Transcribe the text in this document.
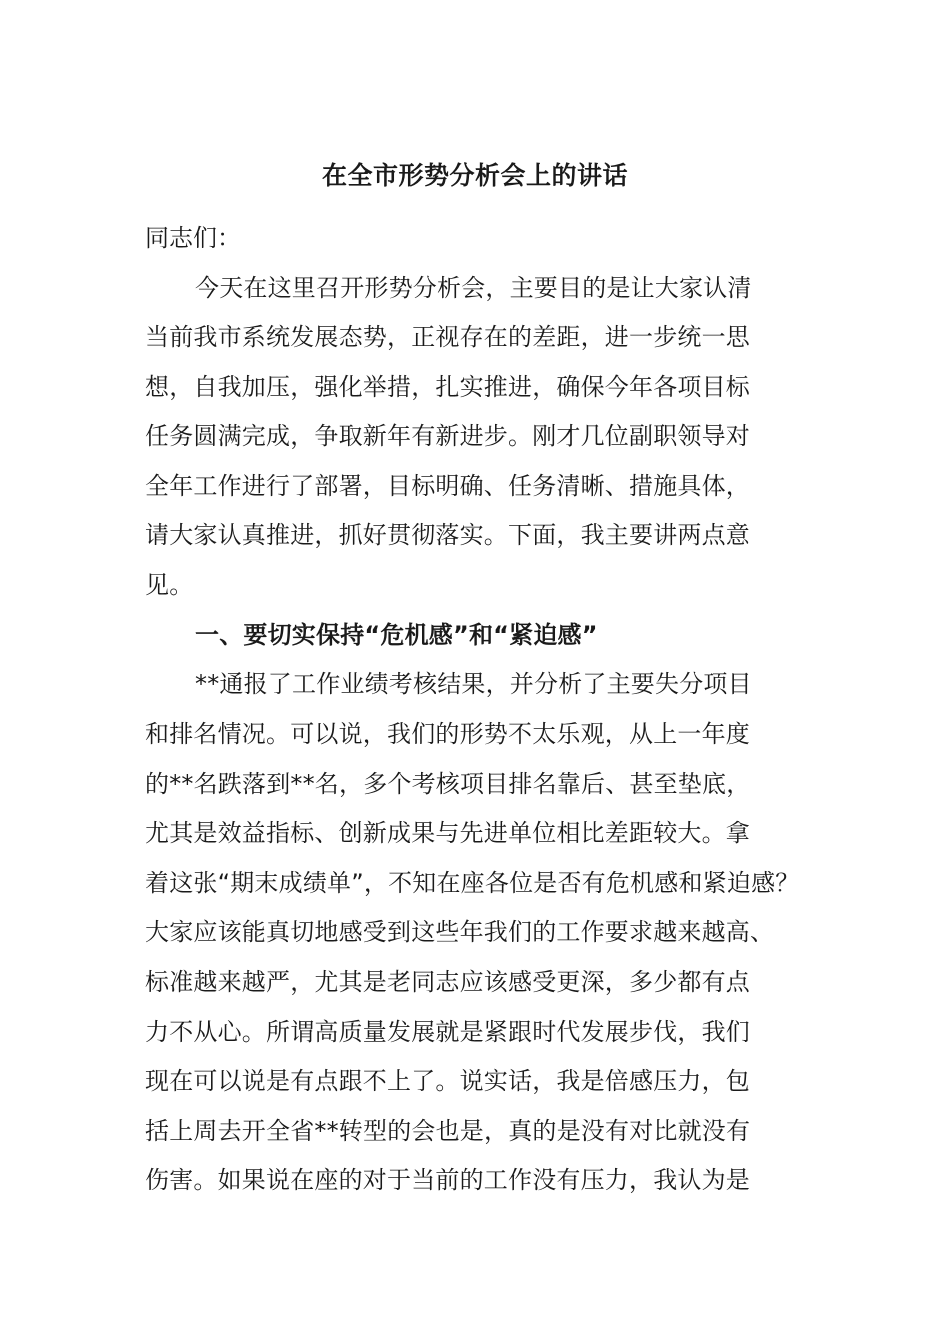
在全市形势分析会上的讲话
同志们：
今天在这里召开形势分析会，主要目的是让大家认清
当前我市系统发展态势，正视存在的差距，进一步统一思
想，自我加压，强化举措，扎实推进，确保今年各项目标
任务圆满完成，争取新年有新进步。刚才几位副职领导对
全年工作进行了部署，目标明确、任务清晰、措施具体，
请大家认真推进，抓好贯彻落实。下面，我主要讲两点意
见。
一、要切实保持“危机感”和“紧迫感”
**通报了工作业绩考核结果，并分析了主要失分项目
和排名情况。可以说，我们的形势不太乐观，从上一年度
的**名跌落到**名，多个考核项目排名靠后、甚至垫底，
尤其是效益指标、创新成果与先进单位相比差距较大。拿
着这张“期末成绩单”，不知在座各位是否有危机感和紧迫感？
大家应该能真切地感受到这些年我们的工作要求越来越高、
标准越来越严，尤其是老同志应该感受更深，多少都有点
力不从心。所谓高质量发展就是紧跟时代发展步伐，我们
现在可以说是有点跟不上了。说实话，我是倍感压力，包
括上周去开全省**转型的会也是，真的是没有对比就没有
伤害。如果说在座的对于当前的工作没有压力，我认为是
